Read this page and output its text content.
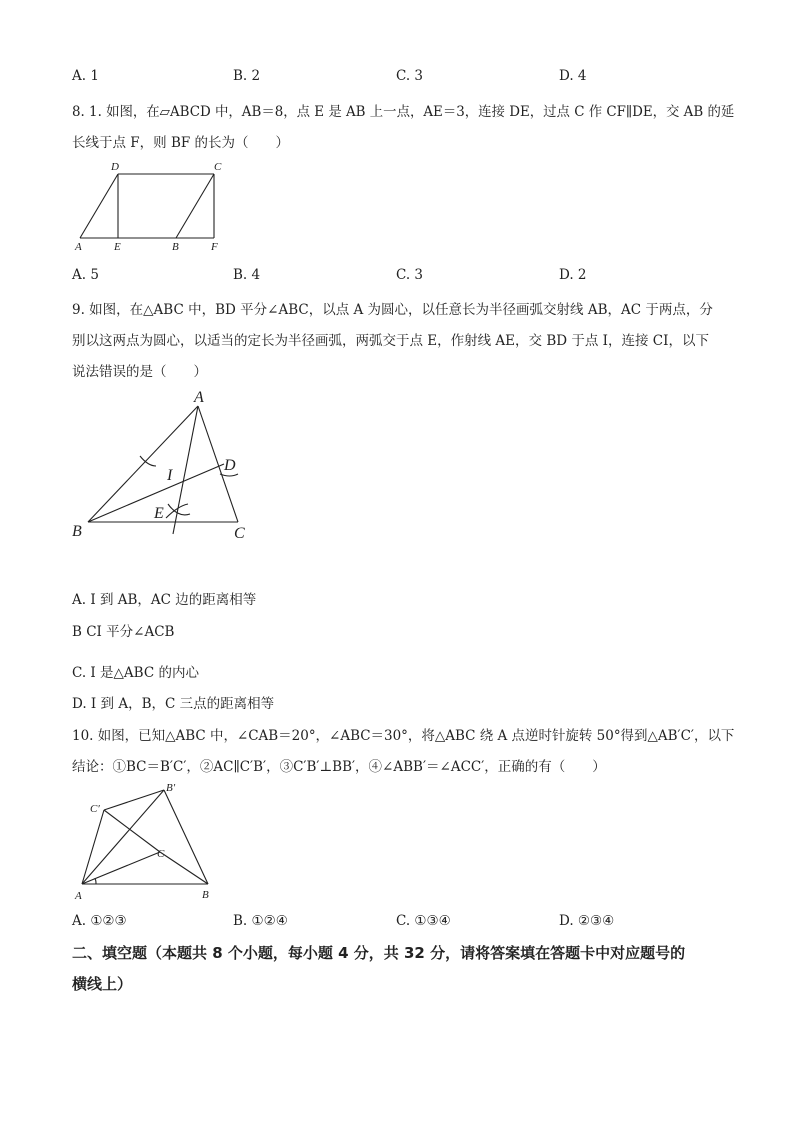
A. 1	B. 2	C. 3	D. 4
8. 1. 如图，在▱ABCD 中，AB＝8，点 E 是 AB 上一点，AE＝3，连接 DE，过点 C 作 CF∥DE，交 AB 的延
长线于点 F，则 BF 的长为（　　）
D	C
A	E	B	F
A. 5	B. 4	C. 3	D. 2
9. 如图，在△ABC 中，BD 平分∠ABC，以点 A 为圆心，以任意长为半径画弧交射线 AB，AC 于两点，分
别以这两点为圆心，以适当的定长为半径画弧，两弧交于点 E，作射线 AE，交 BD 于点 I，连接 CI，以下
说法错误的是（　　）
A
I
D
E
B	C
A. I 到 AB，AC 边的距离相等
B CI 平分∠ACB
C. I 是△ABC 的内心
D. I 到 A，B，C 三点的距离相等
10. 如图，已知△ABC 中，∠CAB＝20°，∠ABC＝30°，将△ABC 绕 A 点逆时针旋转 50°得到△AB′C′，以下
结论：①BC＝B′C′，②AC∥C′B′，③C′B′⊥BB′，④∠ABB′＝∠ACC′，正确的有（　　）
B′
C′
C
A	B
A. ①②③	B. ①②④	C. ①③④	D. ②③④
二、填空题（本题共 8 个小题，每小题 4 分，共 32 分，请将答案填在答题卡中对应题号的
横线上）
